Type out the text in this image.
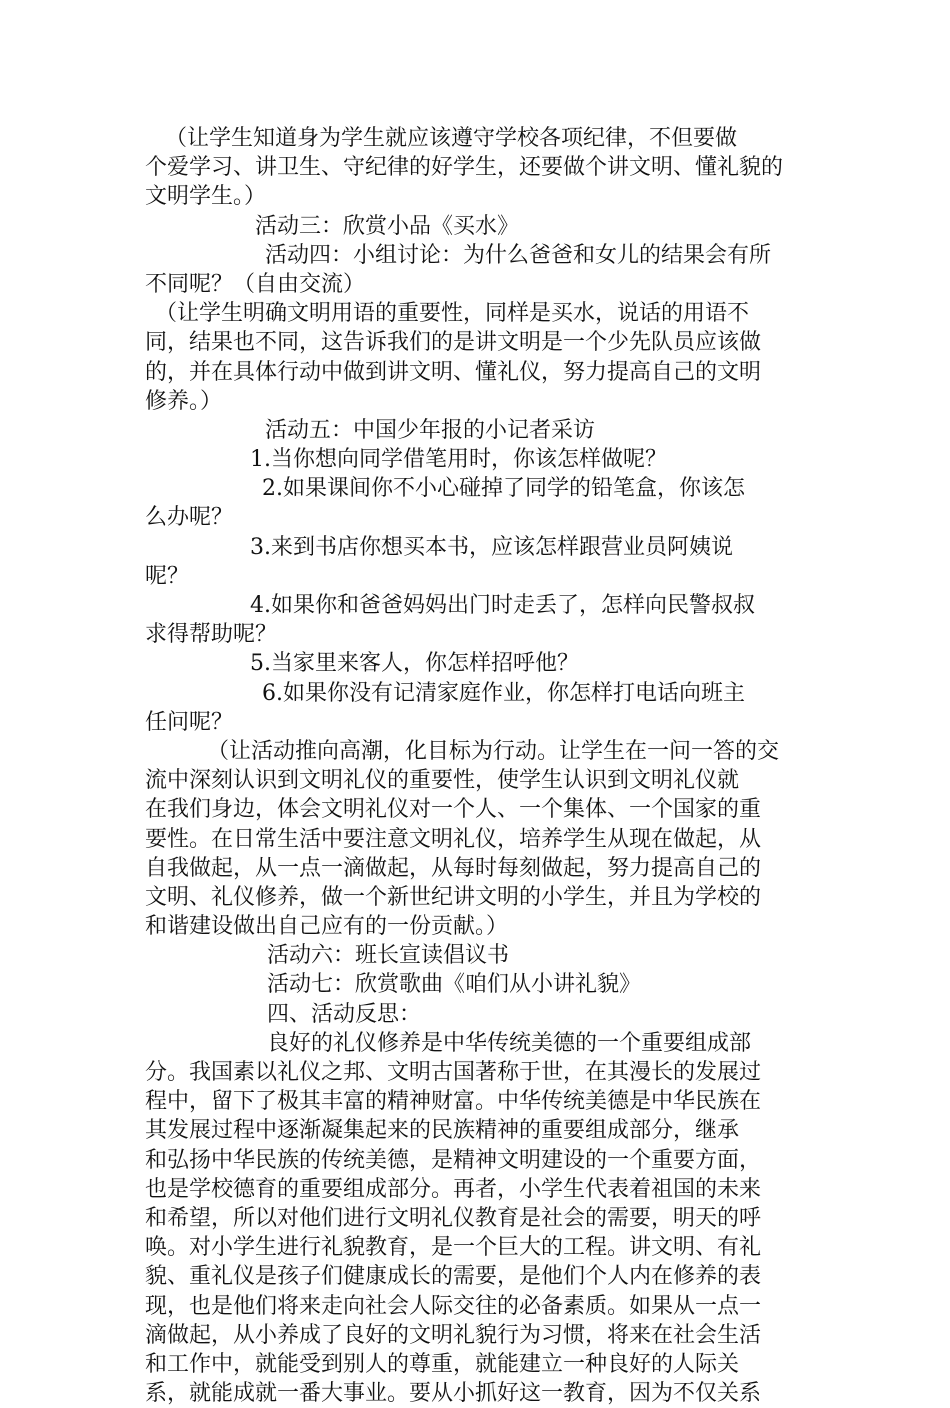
（让学生知道身为学生就应该遵守学校各项纪律，不但要做
个爱学习、讲卫生、守纪律的好学生，还要做个讲文明、懂礼貌的
文明学生。）
活动三：欣赏小品《买水》
活动四：小组讨论：为什么爸爸和女儿的结果会有所
不同呢？（自由交流）
（让学生明确文明用语的重要性，同样是买水，说话的用语不
同，结果也不同，这告诉我们的是讲文明是一个少先队员应该做
的，并在具体行动中做到讲文明、懂礼仪，努力提高自己的文明
修养。）
活动五：中国少年报的小记者采访
1.当你想向同学借笔用时，你该怎样做呢？
2.如果课间你不小心碰掉了同学的铅笔盒，你该怎
么办呢？
3.来到书店你想买本书，应该怎样跟营业员阿姨说
呢？
4.如果你和爸爸妈妈出门时走丢了，怎样向民警叔叔
求得帮助呢？
5.当家里来客人，你怎样招呼他？
6.如果你没有记清家庭作业，你怎样打电话向班主
任问呢？
（让活动推向高潮，化目标为行动。让学生在一问一答的交
流中深刻认识到文明礼仪的重要性，使学生认识到文明礼仪就
在我们身边，体会文明礼仪对一个人、一个集体、一个国家的重
要性。在日常生活中要注意文明礼仪，培养学生从现在做起，从
自我做起，从一点一滴做起，从每时每刻做起，努力提高自己的
文明、礼仪修养，做一个新世纪讲文明的小学生，并且为学校的
和谐建设做出自己应有的一份贡献。）
活动六：班长宣读倡议书
活动七：欣赏歌曲《咱们从小讲礼貌》
四、活动反思：
良好的礼仪修养是中华传统美德的一个重要组成部
分。我国素以礼仪之邦、文明古国著称于世，在其漫长的发展过
程中，留下了极其丰富的精神财富。中华传统美德是中华民族在
其发展过程中逐渐凝集起来的民族精神的重要组成部分，继承
和弘扬中华民族的传统美德，是精神文明建设的一个重要方面，
也是学校德育的重要组成部分。再者，小学生代表着祖国的未来
和希望，所以对他们进行文明礼仪教育是社会的需要，明天的呼
唤。对小学生进行礼貌教育，是一个巨大的工程。讲文明、有礼
貌、重礼仪是孩子们健康成长的需要，是他们个人内在修养的表
现，也是他们将来走向社会人际交往的必备素质。如果从一点一
滴做起，从小养成了良好的文明礼貌行为习惯，将来在社会生活
和工作中，就能受到别人的尊重，就能建立一种良好的人际关
系，就能成就一番大事业。要从小抓好这一教育，因为不仅关系
